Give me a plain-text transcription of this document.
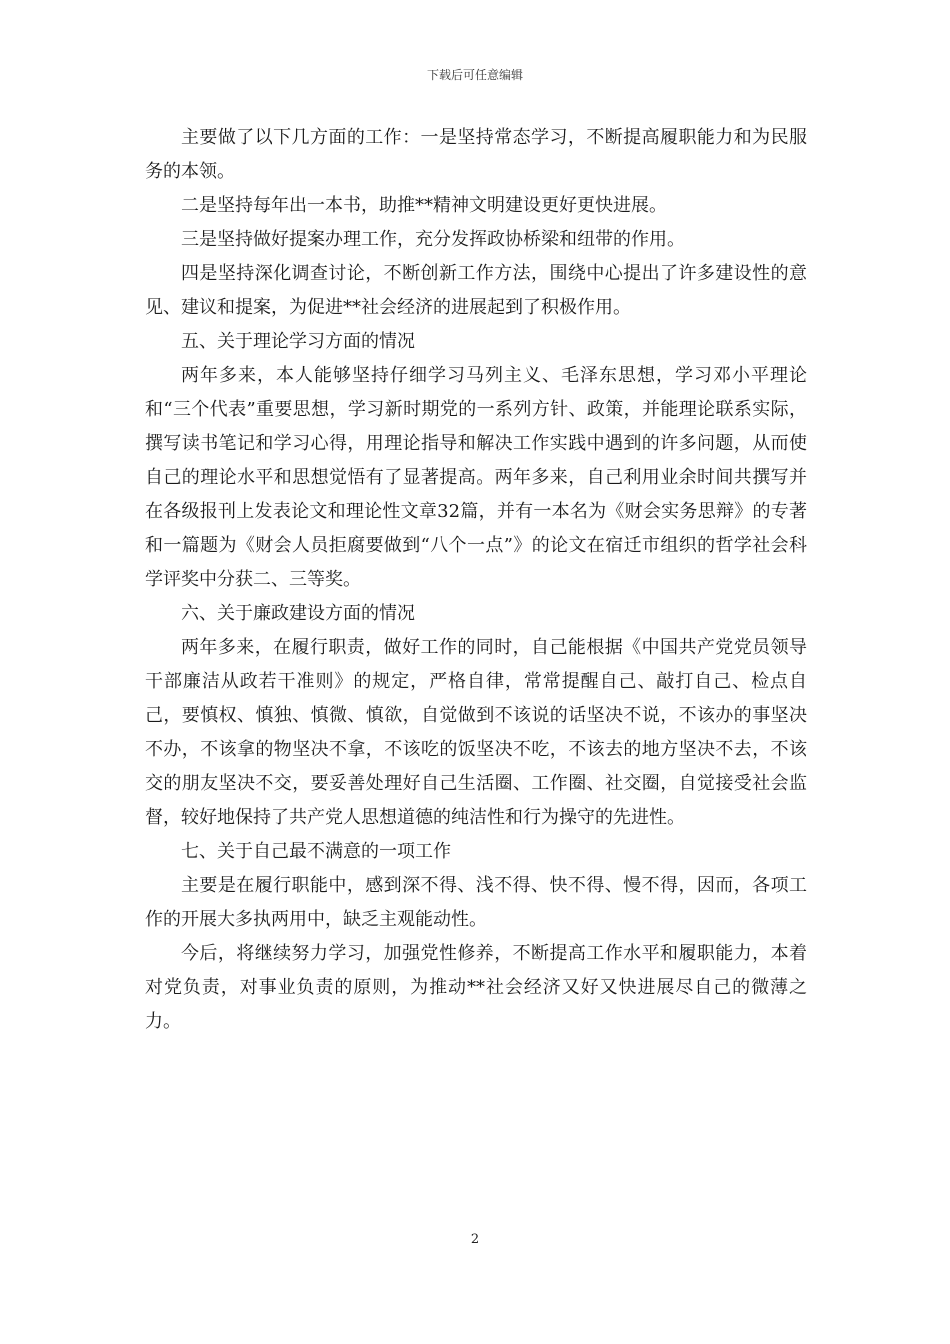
下载后可任意编辑

主要做了以下几方面的工作：一是坚持常态学习，不断提高履职能力和为民服务的本领。

二是坚持每年出一本书，助推**精神文明建设更好更快进展。

三是坚持做好提案办理工作，充分发挥政协桥梁和纽带的作用。

四是坚持深化调查讨论，不断创新工作方法，围绕中心提出了许多建设性的意见、建议和提案，为促进**社会经济的进展起到了积极作用。

五、关于理论学习方面的情况

两年多来，本人能够坚持仔细学习马列主义、毛泽东思想，学习邓小平理论和“三个代表”重要思想，学习新时期党的一系列方针、政策，并能理论联系实际，撰写读书笔记和学习心得，用理论指导和解决工作实践中遇到的许多问题，从而使自己的理论水平和思想觉悟有了显著提高。两年多来，自己利用业余时间共撰写并在各级报刊上发表论文和理论性文章32篇，并有一本名为《财会实务思辩》的专著和一篇题为《财会人员拒腐要做到“八个一点”》的论文在宿迁市组织的哲学社会科学评奖中分获二、三等奖。

六、关于廉政建设方面的情况

两年多来，在履行职责，做好工作的同时，自己能根据《中国共产党党员领导干部廉洁从政若干准则》的规定，严格自律，常常提醒自己、敲打自己、检点自己，要慎权、慎独、慎微、慎欲，自觉做到不该说的话坚决不说，不该办的事坚决不办，不该拿的物坚决不拿，不该吃的饭坚决不吃，不该去的地方坚决不去，不该交的朋友坚决不交，要妥善处理好自己生活圈、工作圈、社交圈，自觉接受社会监督，较好地保持了共产党人思想道德的纯洁性和行为操守的先进性。

七、关于自己最不满意的一项工作

主要是在履行职能中，感到深不得、浅不得、快不得、慢不得，因而，各项工作的开展大多执两用中，缺乏主观能动性。

今后，将继续努力学习，加强党性修养，不断提高工作水平和履职能力，本着对党负责，对事业负责的原则，为推动**社会经济又好又快进展尽自己的微薄之力。

2
